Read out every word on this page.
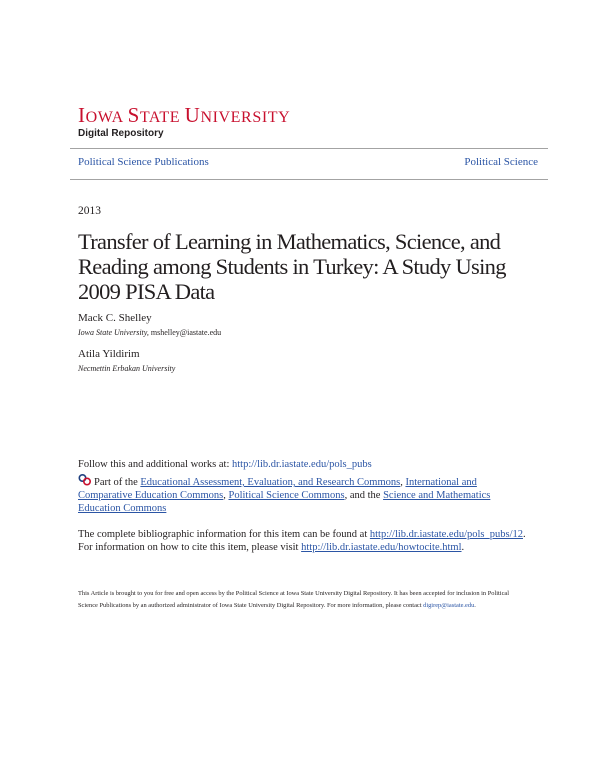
IOWA STATE UNIVERSITY
Digital Repository
Political Science Publications	Political Science
2013
Transfer of Learning in Mathematics, Science, and Reading among Students in Turkey: A Study Using 2009 PISA Data
Mack C. Shelley
Iowa State University, mshelley@iastate.edu
Atila Yildirim
Necmettin Erbakan University
Follow this and additional works at: http://lib.dr.iastate.edu/pols_pubs
Part of the Educational Assessment, Evaluation, and Research Commons, International and Comparative Education Commons, Political Science Commons, and the Science and Mathematics Education Commons
The complete bibliographic information for this item can be found at http://lib.dr.iastate.edu/pols_pubs/12. For information on how to cite this item, please visit http://lib.dr.iastate.edu/howtocite.html.
This Article is brought to you for free and open access by the Political Science at Iowa State University Digital Repository. It has been accepted for inclusion in Political Science Publications by an authorized administrator of Iowa State University Digital Repository. For more information, please contact digirep@iastate.edu.
